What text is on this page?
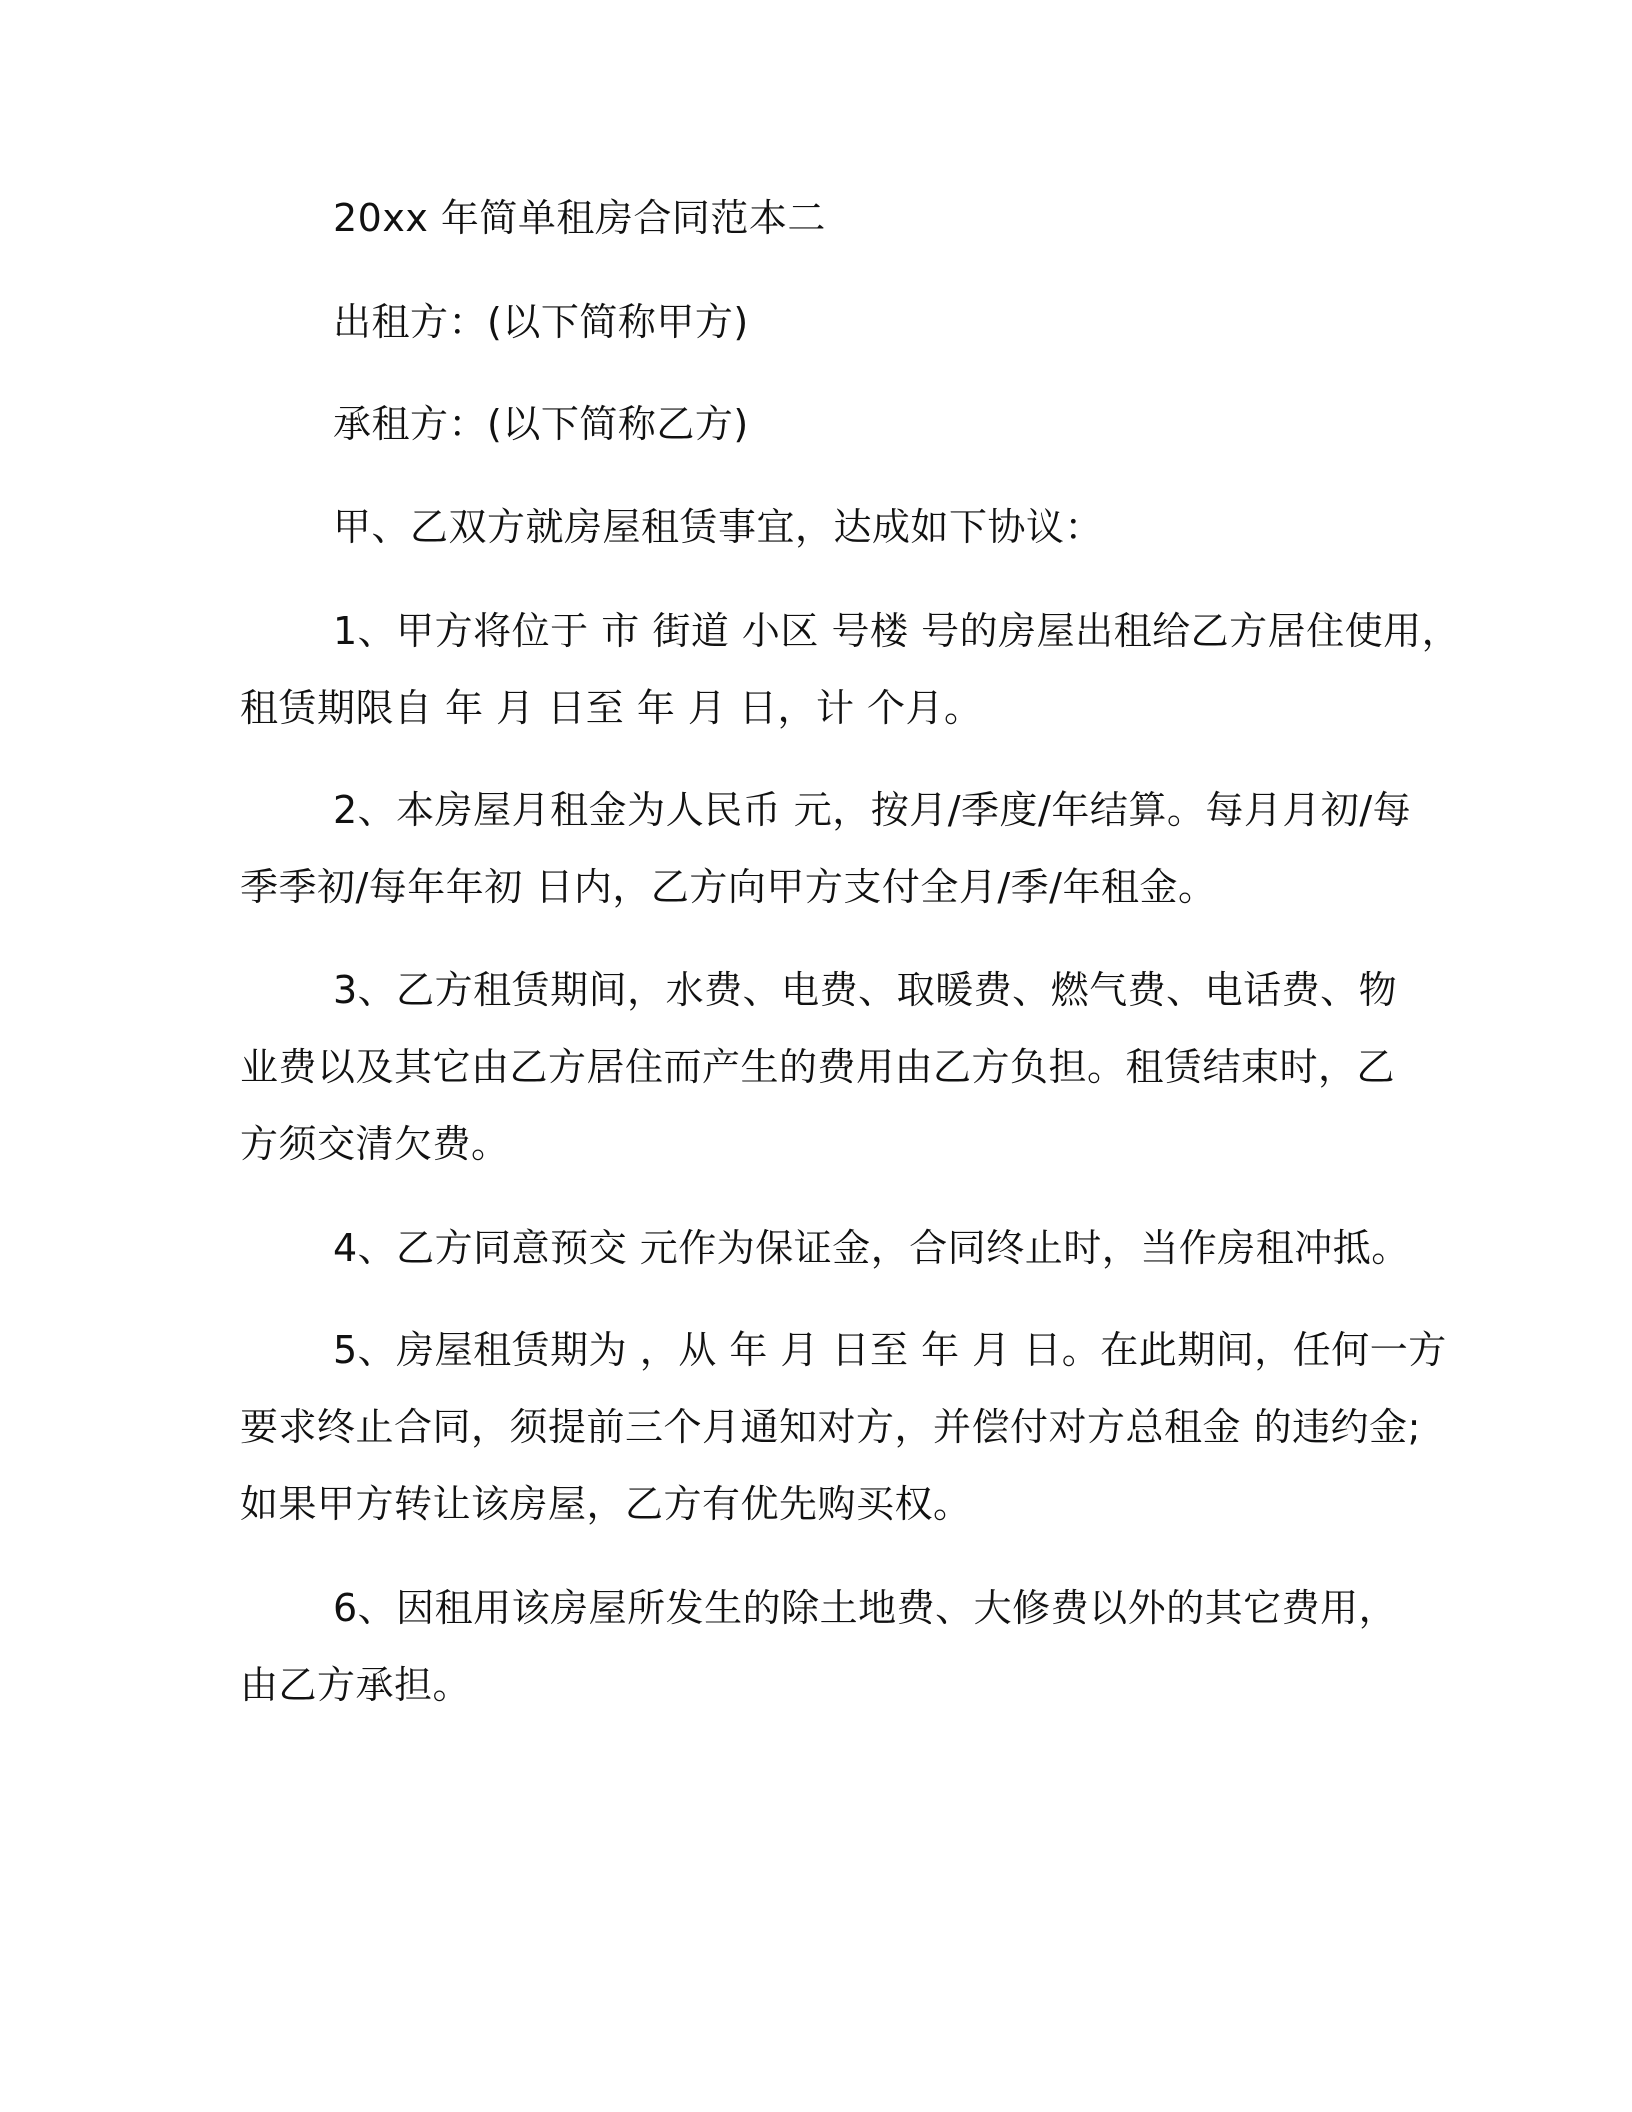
20xx 年简单租房合同范本二
出租方：(以下简称甲方)
承租方：(以下简称乙方)
甲、乙双方就房屋租赁事宜，达成如下协议：
1、甲方将位于 市 街道 小区 号楼 号的房屋出租给乙方居住使用，
租赁期限自 年 月 日至 年 月 日，计 个月。
2、本房屋月租金为人民币 元，按月/季度/年结算。每月月初/每
季季初/每年年初 日内，乙方向甲方支付全月/季/年租金。
3、乙方租赁期间，水费、电费、取暖费、燃气费、电话费、物
业费以及其它由乙方居住而产生的费用由乙方负担。租赁结束时，乙
方须交清欠费。
4、乙方同意预交 元作为保证金，合同终止时，当作房租冲抵。
5、房屋租赁期为 ，从 年 月 日至 年 月 日。在此期间，任何一方
要求终止合同，须提前三个月通知对方，并偿付对方总租金 的违约金;
如果甲方转让该房屋，乙方有优先购买权。
6、因租用该房屋所发生的除土地费、大修费以外的其它费用，
由乙方承担。
